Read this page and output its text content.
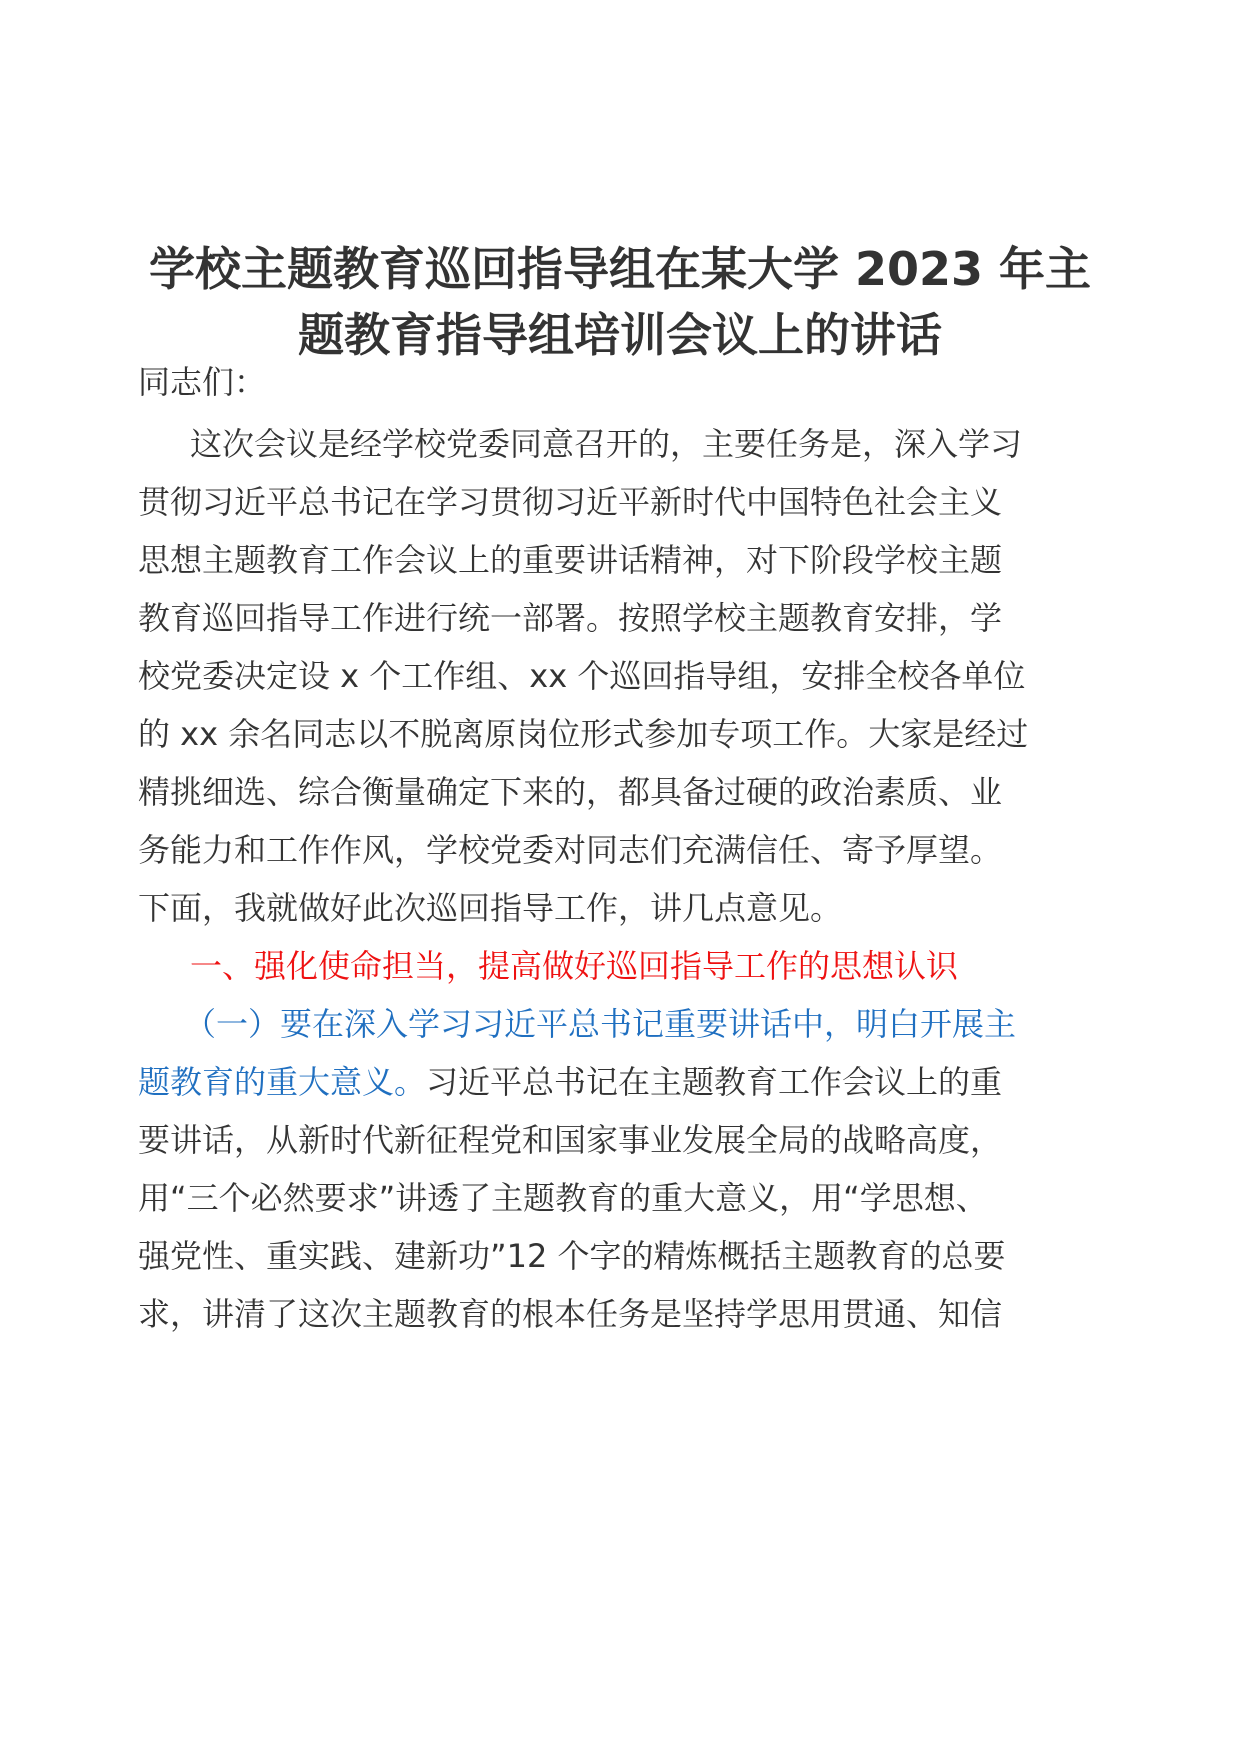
学校主题教育巡回指导组在某大学 2023 年主
题教育指导组培训会议上的讲话
同志们：
这次会议是经学校党委同意召开的，主要任务是，深入学习
贯彻习近平总书记在学习贯彻习近平新时代中国特色社会主义
思想主题教育工作会议上的重要讲话精神，对下阶段学校主题
教育巡回指导工作进行统一部署。按照学校主题教育安排，学
校党委决定设 x 个工作组、xx 个巡回指导组，安排全校各单位
的 xx 余名同志以不脱离原岗位形式参加专项工作。大家是经过
精挑细选、综合衡量确定下来的，都具备过硬的政治素质、业
务能力和工作作风，学校党委对同志们充满信任、寄予厚望。
下面，我就做好此次巡回指导工作，讲几点意见。
一、强化使命担当，提高做好巡回指导工作的思想认识
（一）要在深入学习习近平总书记重要讲话中，明白开展主
题教育的重大意义。习近平总书记在主题教育工作会议上的重
要讲话，从新时代新征程党和国家事业发展全局的战略高度，
用“三个必然要求”讲透了主题教育的重大意义，用“学思想、
强党性、重实践、建新功”12 个字的精炼概括主题教育的总要
求，讲清了这次主题教育的根本任务是坚持学思用贯通、知信
